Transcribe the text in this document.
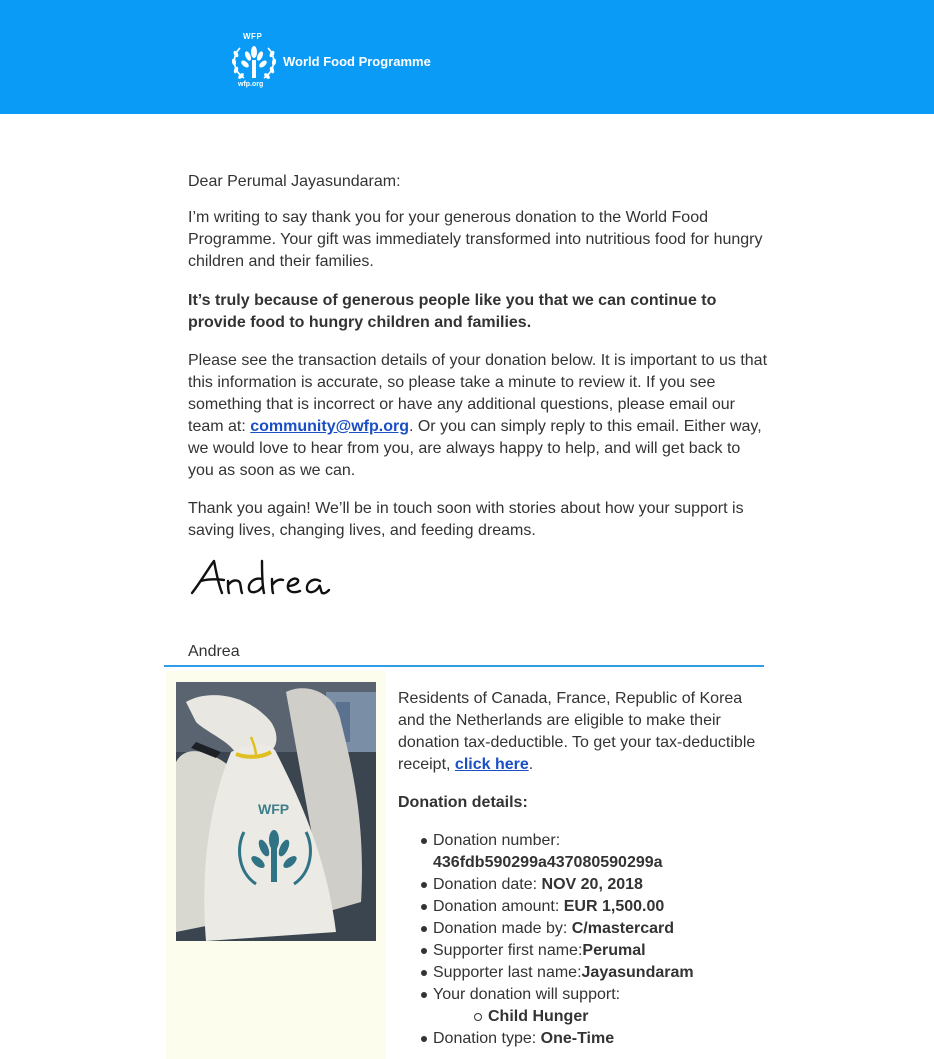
WFP
wfp.org
World Food Programme

Dear Perumal Jayasundaram:

I’m writing to say thank you for your generous donation to the World Food Programme. Your gift was immediately transformed into nutritious food for hungry children and their families.

It’s truly because of generous people like you that we can continue to provide food to hungry children and families.

Please see the transaction details of your donation below. It is important to us that this information is accurate, so please take a minute to review it. If you see something that is incorrect or have any additional questions, please email our team at: community@wfp.org. Or you can simply reply to this email. Either way, we would love to hear from you, are always happy to help, and will get back to you as soon as we can.

Thank you again! We’ll be in touch soon with stories about how your support is saving lives, changing lives, and feeding dreams.

Andrea

WFP

Residents of Canada, France, Republic of Korea and the Netherlands are eligible to make their donation tax-deductible. To get your tax-deductible receipt, click here.

Donation details:

Donation number:
436fdb590299a437080590299a
Donation date: NOV 20, 2018
Donation amount: EUR 1,500.00
Donation made by: C/mastercard
Supporter first name:Perumal
Supporter last name:Jayasundaram
Your donation will support:
Child Hunger
Donation type: One-Time
